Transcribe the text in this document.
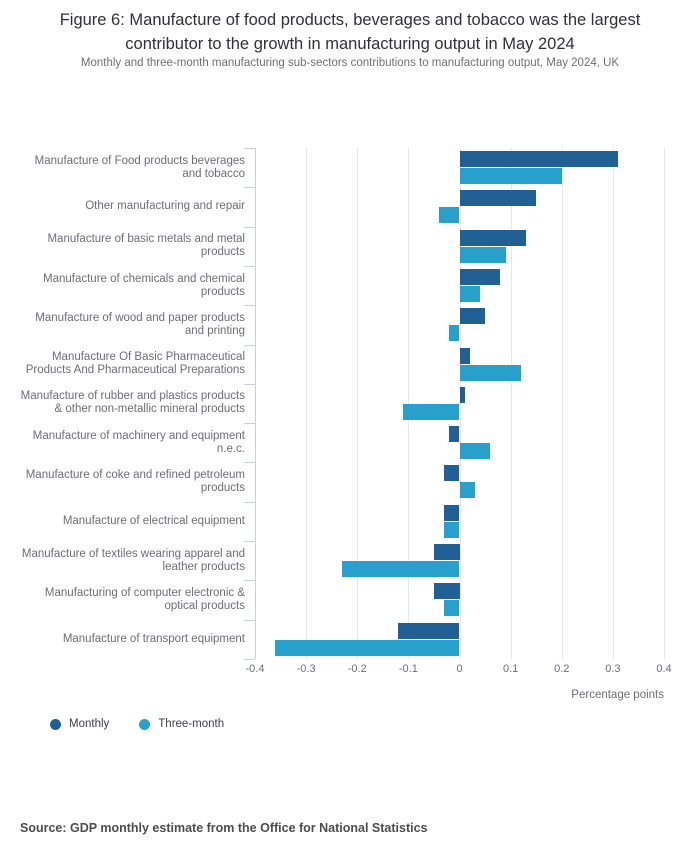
Figure 6: Manufacture of food products, beverages and tobacco was the largest contributor to the growth in manufacturing output in May 2024
Monthly and three-month manufacturing sub-sectors contributions to manufacturing output, May 2024, UK
Manufacture of Food products beverages and tobacco
Other manufacturing and repair
Manufacture of basic metals and metal products
Manufacture of chemicals and chemical products
Manufacture of wood and paper products and printing
Manufacture Of Basic Pharmaceutical Products And Pharmaceutical Preparations
Manufacture of rubber and plastics products & other non-metallic mineral products
Manufacture of machinery and equipment n.e.c.
Manufacture of coke and refined petroleum products
Manufacture of electrical equipment
Manufacture of textiles wearing apparel and leather products
Manufacturing of computer electronic & optical products
Manufacture of transport equipment
-0.4	-0.3	-0.2	-0.1	0	0.1	0.2	0.3	0.4
Percentage points
Monthly	Three-month
Source: GDP monthly estimate from the Office for National Statistics
